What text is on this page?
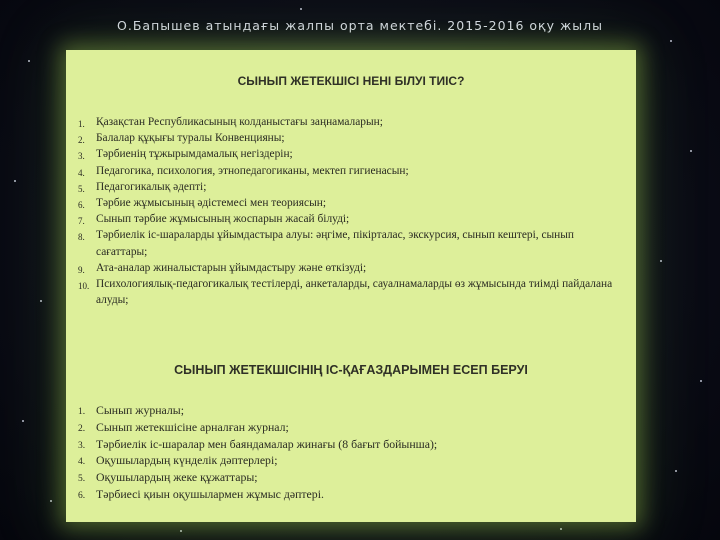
О.Бапышев атындағы жалпы орта мектебі. 2015-2016 оқу жылы
СЫНЫП ЖЕТЕКШІСІ НЕНІ БІЛУІ ТИІС?
1. Қазақстан Республикасының колданыстағы заңнамаларын;
2. Балалар құқығы туралы Конвенцияны;
3. Тәрбиенің тұжырымдамалық негіздерін;
4. Педагогика, психология, этнопедагогиканы, мектеп гигиенасын;
5. Педагогикалық әдепті;
6. Тәрбие жұмысының әдістемесі мен теориясын;
7. Сынып тәрбие жұмысының жоспарын жасай білуді;
8. Тәрбиелік іс-шараларды ұйымдастыра алуы: әңгіме, пікірталас, экскурсия, сынып кештері, сынып сағаттары;
9. Ата-аналар жиналыстарын ұйымдастыру және өткізуді;
10. Психологиялық-педагогикалық тестілерді, анкеталарды, сауалнамаларды өз жұмысында тиімді пайдалана алуды;
СЫНЫП ЖЕТЕКШІСІНІҢ ІС-ҚАҒАЗДАРЫМЕН ЕСЕП БЕРУІ
1. Сынып журналы;
2. Сынып жетекшісіне арналған журнал;
3. Тәрбиелік іс-шаралар мен баяндамалар жинағы (8 бағыт бойынша);
4. Оқушылардың күнделік дәптерлері;
5. Оқушылардың жеке құжаттары;
6. Тәрбиесі қиын оқушылармен жұмыс дәптері.
